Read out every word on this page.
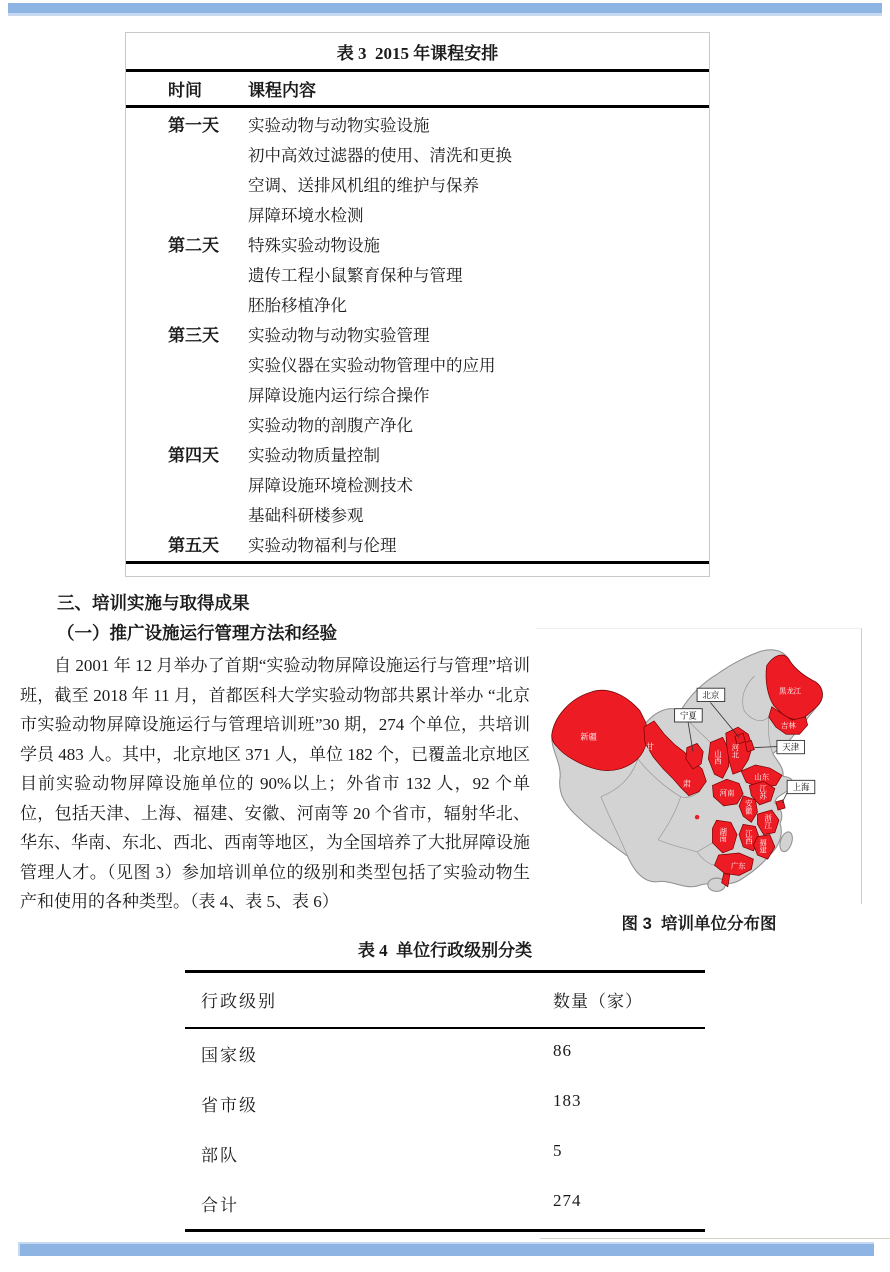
表 3  2015 年课程安排
时间	课程内容
第一天	实验动物与动物实验设施
初中高效过滤器的使用、清洗和更换
空调、送排风机组的维护与保养
屏障环境水检测
第二天	特殊实验动物设施
遗传工程小鼠繁育保种与管理
胚胎移植净化
第三天	实验动物与动物实验管理
实验仪器在实验动物管理中的应用
屏障设施内运行综合操作
实验动物的剖腹产净化
第四天	实验动物质量控制
屏障设施环境检测技术
基础科研楼参观
第五天	实验动物福利与伦理
北京
宁夏
天津
上海
新疆
甘
肃
黑龙江
吉林
山西 河北
山东
河南	江苏
安徽
浙江
湖南 江西
福建
广东
图 3  培训单位分布图
三、培训实施与取得成果
（一）推广设施运行管理方法和经验

自 2001 年 12 月举办了首期“实验动物屏障设施运行与管理”培训班，截至 2018 年 11 月，首都医科大学实验动物部共累计举办 “北京市实验动物屏障设施运行与管理培训班”30 期，274 个单位，共培训学员 483 人。其中，北京地区 371 人，单位 182 个，已覆盖北京地区目前实验动物屏障设施单位的 90%以上；外省市 132 人，92 个单位，包括天津、上海、福建、安徽、河南等 20 个省市，辐射华北、华东、华南、东北、西北、西南等地区，为全国培养了大批屏障设施管理人才。（见图 3）参加培训单位的级别和类型包括了实验动物生产和使用的各种类型。（表 4、表 5、表 6）

表 4  单位行政级别分类
行政级别	数量（家）
国家级	86
省市级	183
部队	5
合计	274
